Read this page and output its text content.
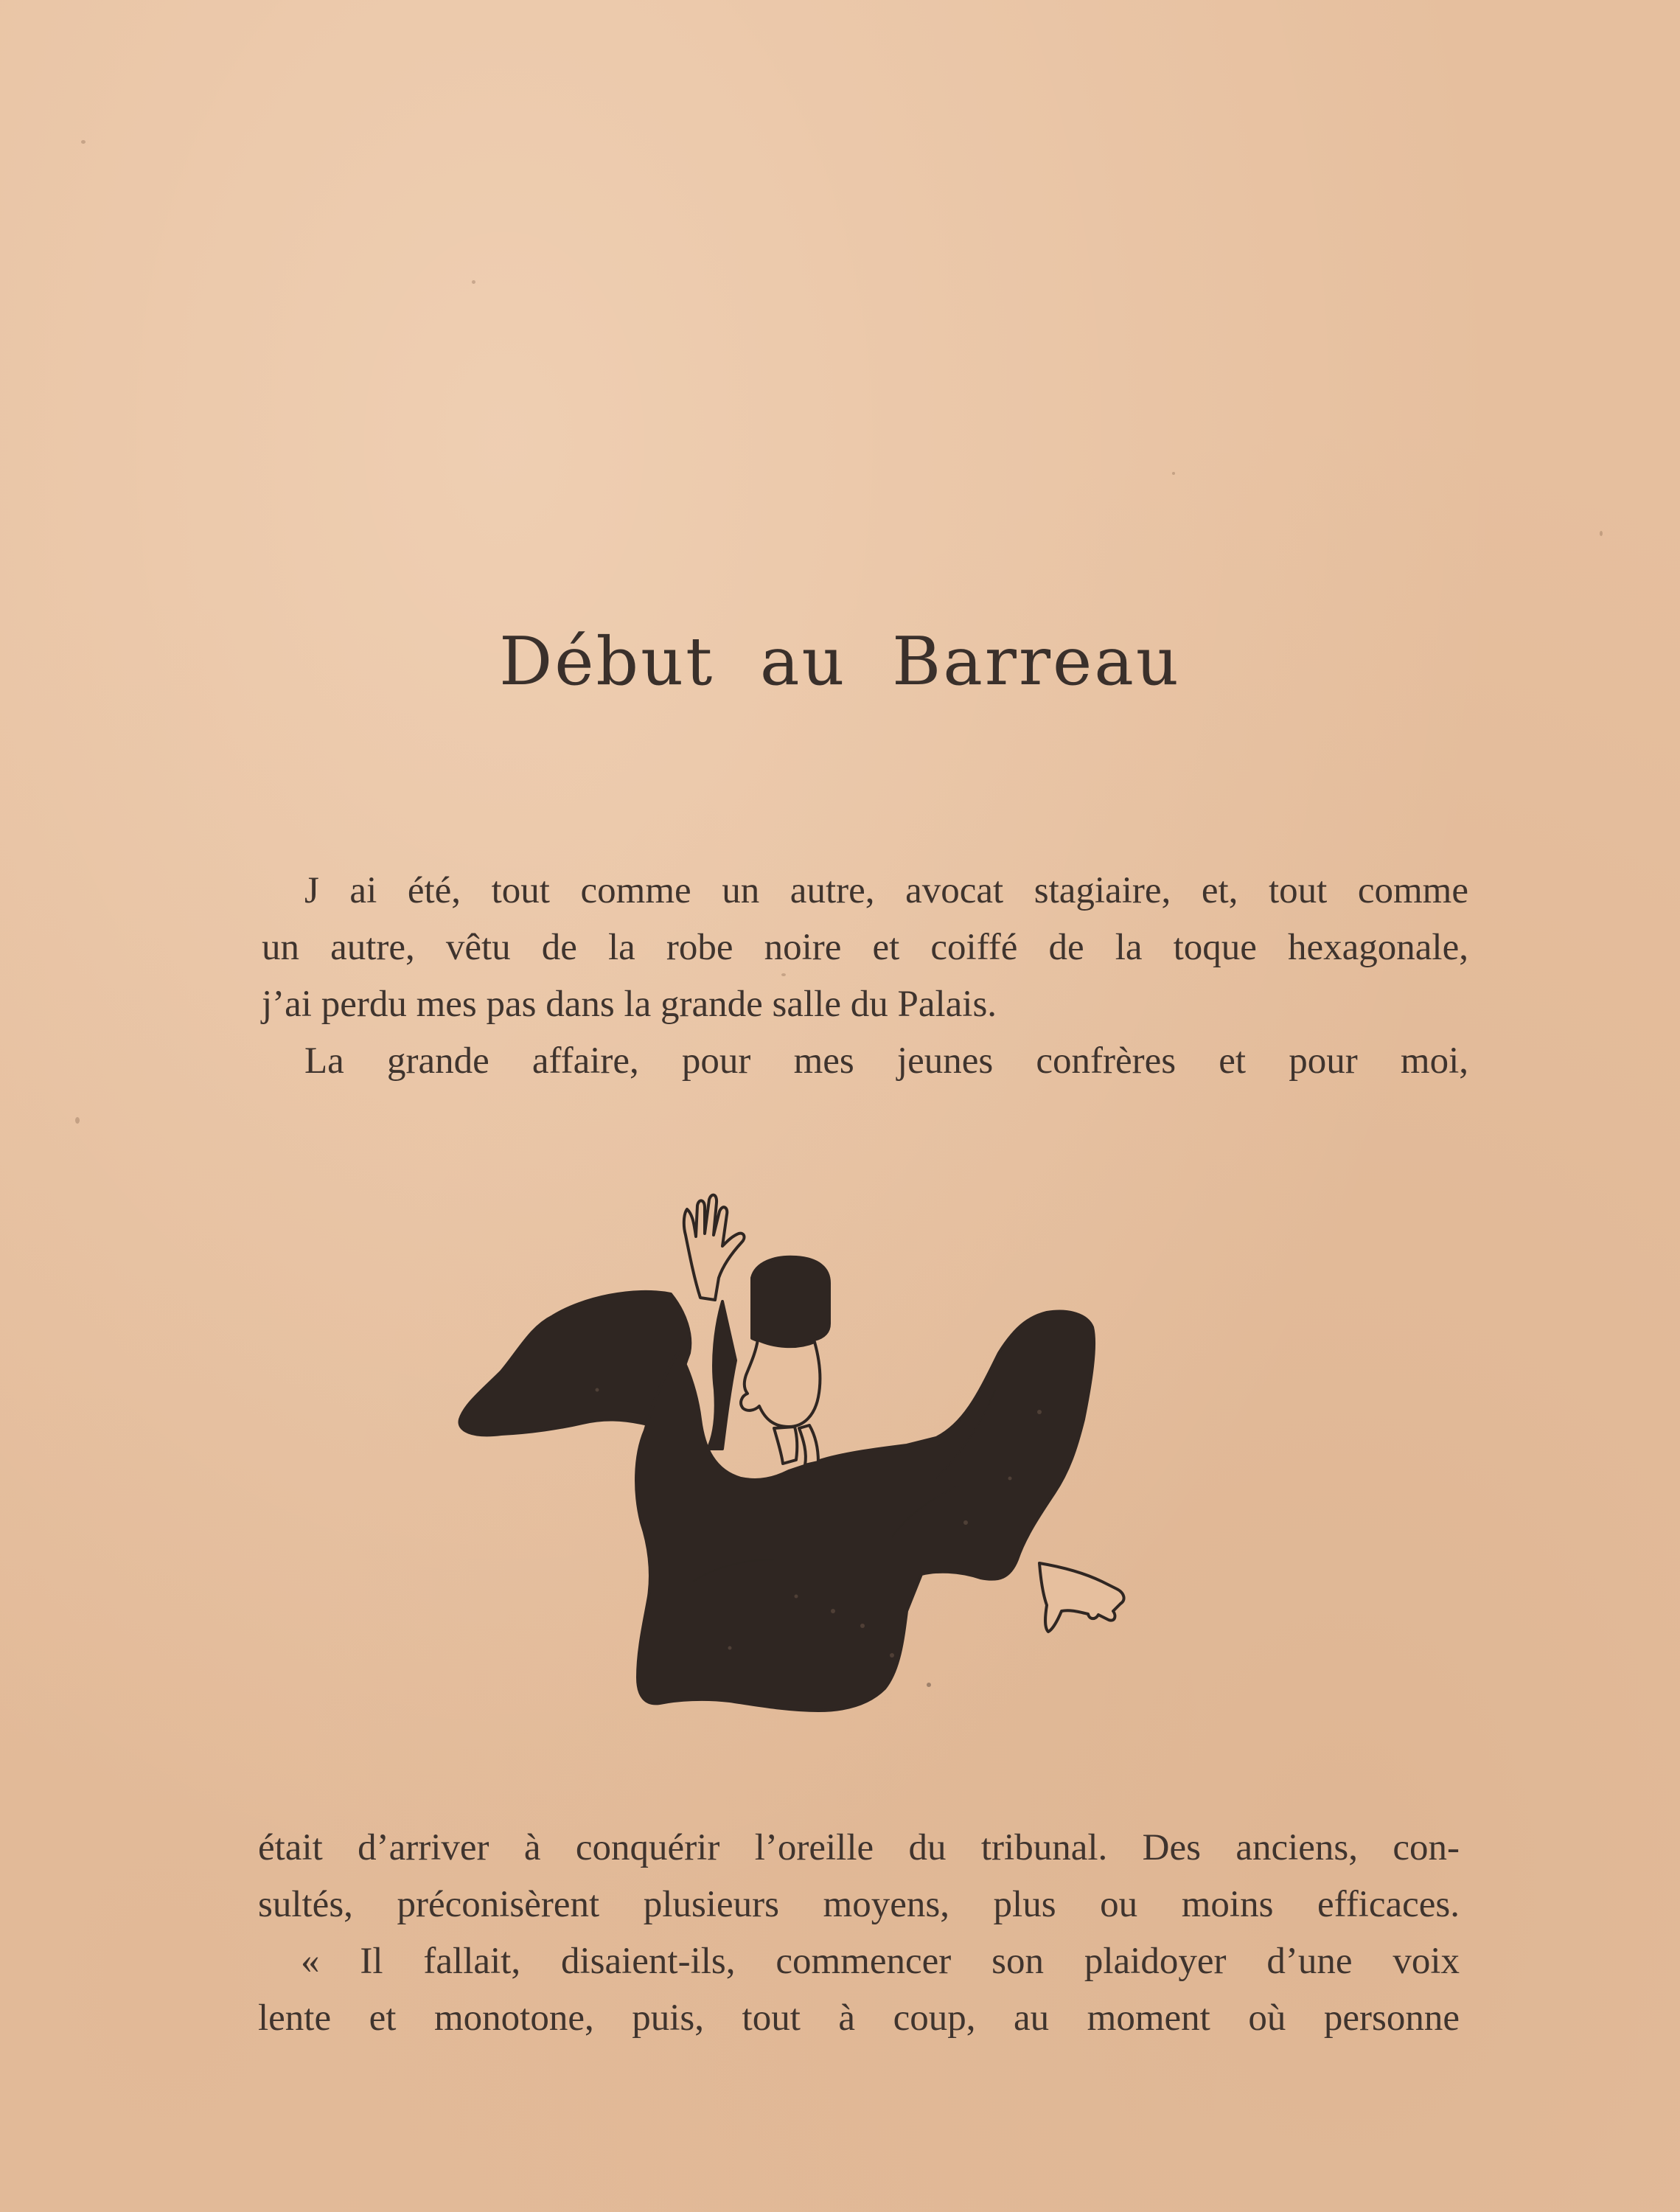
Début au Barreau
J ai été, tout comme un autre, avocat stagiaire, et, tout comme
un autre, vêtu de la robe noire et coiffé de la toque hexagonale,
j’ai perdu mes pas dans la grande salle du Palais.
La grande affaire, pour mes jeunes confrères et pour moi,
était d’arriver à conquérir l’oreille du tribunal. Des anciens, con-
sultés, préconisèrent plusieurs moyens, plus ou moins efficaces.
« Il fallait, disaient-ils, commencer son plaidoyer d’une voix
lente et monotone, puis, tout à coup, au moment où personne
